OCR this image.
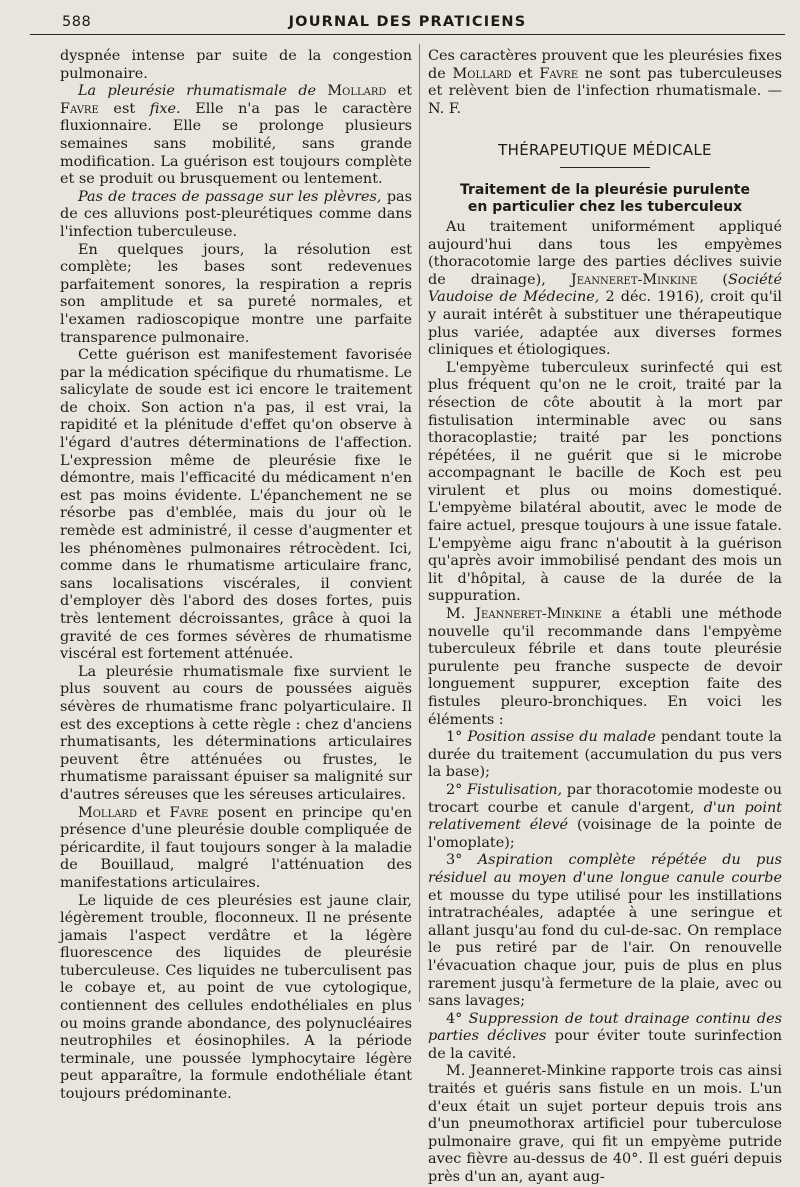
588	JOURNAL DES PRATICIENS

dyspnée intense par suite de la congestion pulmonaire.

La pleurésie rhumatismale de Mollard et Favre est fixe. Elle n'a pas le caractère fluxionnaire. Elle se prolonge plusieurs semaines sans mobilité, sans grande modification. La guérison est toujours complète et se produit ou brusquement ou lentement.

Pas de traces de passage sur les plèvres, pas de ces alluvions post-pleurétiques comme dans l'infection tuberculeuse.

En quelques jours, la résolution est complète; les bases sont redevenues parfaitement sonores, la respiration a repris son amplitude et sa pureté normales, et l'examen radioscopique montre une parfaite transparence pulmonaire.

Cette guérison est manifestement favorisée par la médication spécifique du rhumatisme. Le salicylate de soude est ici encore le traitement de choix. Son action n'a pas, il est vrai, la rapidité et la plénitude d'effet qu'on observe à l'égard d'autres déterminations de l'affection. L'expression même de pleurésie fixe le démontre, mais l'efficacité du médicament n'en est pas moins évidente. L'épanchement ne se résorbe pas d'emblée, mais du jour où le remède est administré, il cesse d'augmenter et les phénomènes pulmonaires rétrocèdent. Ici, comme dans le rhumatisme articulaire franc, sans localisations viscérales, il convient d'employer dès l'abord des doses fortes, puis très lentement décroissantes, grâce à quoi la gravité de ces formes sévères de rhumatisme viscéral est fortement atténuée.

La pleurésie rhumatismale fixe survient le plus souvent au cours de poussées aiguës sévères de rhumatisme franc polyarticulaire. Il est des exceptions à cette règle : chez d'anciens rhumatisants, les déterminations articulaires peuvent être atténuées ou frustes, le rhumatisme paraissant épuiser sa malignité sur d'autres séreuses que les séreuses articulaires.

Mollard et Favre posent en principe qu'en présence d'une pleurésie double compliquée de péricardite, il faut toujours songer à la maladie de Bouillaud, malgré l'atténuation des manifestations articulaires.

Le liquide de ces pleurésies est jaune clair, légèrement trouble, floconneux. Il ne présente jamais l'aspect verdâtre et la légère fluorescence des liquides de pleurésie tuberculeuse. Ces liquides ne tuberculisent pas le cobaye et, au point de vue cytologique, contiennent des cellules endothéliales en plus ou moins grande abondance, des polynucléaires neutrophiles et éosinophiles. A la période terminale, une poussée lymphocytaire légère peut apparaître, la formule endothéliale étant toujours prédominante.

Ces caractères prouvent que les pleurésies fixes de Mollard et Favre ne sont pas tuberculeuses et relèvent bien de l'infection rhumatismale. — N. F.

THÉRAPEUTIQUE MÉDICALE
Traitement de la pleurésie purulente
en particulier chez les tuberculeux

Au traitement uniformément appliqué aujourd'hui dans tous les empyèmes (thoracotomie large des parties déclives suivie de drainage), Jeanneret-Minkine (Société Vaudoise de Médecine, 2 déc. 1916), croit qu'il y aurait intérêt à substituer une thérapeutique plus variée, adaptée aux diverses formes cliniques et étiologiques.

L'empyème tuberculeux surinfecté qui est plus fréquent qu'on ne le croit, traité par la résection de côte aboutit à la mort par fistulisation interminable avec ou sans thoracoplastie; traité par les ponctions répétées, il ne guérit que si le microbe accompagnant le bacille de Koch est peu virulent et plus ou moins domestiqué. L'empyème bilatéral aboutit, avec le mode de faire actuel, presque toujours à une issue fatale. L'empyème aigu franc n'aboutit à la guérison qu'après avoir immobilisé pendant des mois un lit d'hôpital, à cause de la durée de la suppuration.

M. Jeanneret-Minkine a établi une méthode nouvelle qu'il recommande dans l'empyème tuberculeux fébrile et dans toute pleurésie purulente peu franche suspecte de devoir longuement suppurer, exception faite des fistules pleuro-bronchiques. En voici les éléments :

1° Position assise du malade pendant toute la durée du traitement (accumulation du pus vers la base);

2° Fistulisation, par thoracotomie modeste ou trocart courbe et canule d'argent, d'un point relativement élevé (voisinage de la pointe de l'omoplate);

3° Aspiration complète répétée du pus résiduel au moyen d'une longue canule courbe et mousse du type utilisé pour les instillations intratrachéales, adaptée à une seringue et allant jusqu'au fond du cul-de-sac. On remplace le pus retiré par de l'air. On renouvelle l'évacuation chaque jour, puis de plus en plus rarement jusqu'à fermeture de la plaie, avec ou sans lavages;

4° Suppression de tout drainage continu des parties déclives pour éviter toute surinfection de la cavité.

M. Jeanneret-Minkine rapporte trois cas ainsi traités et guéris sans fistule en un mois. L'un d'eux était un sujet porteur depuis trois ans d'un pneumothorax artificiel pour tuberculose pulmonaire grave, qui fit un empyème putride avec fièvre au-dessus de 40°. Il est guéri depuis près d'un an, ayant aug-
